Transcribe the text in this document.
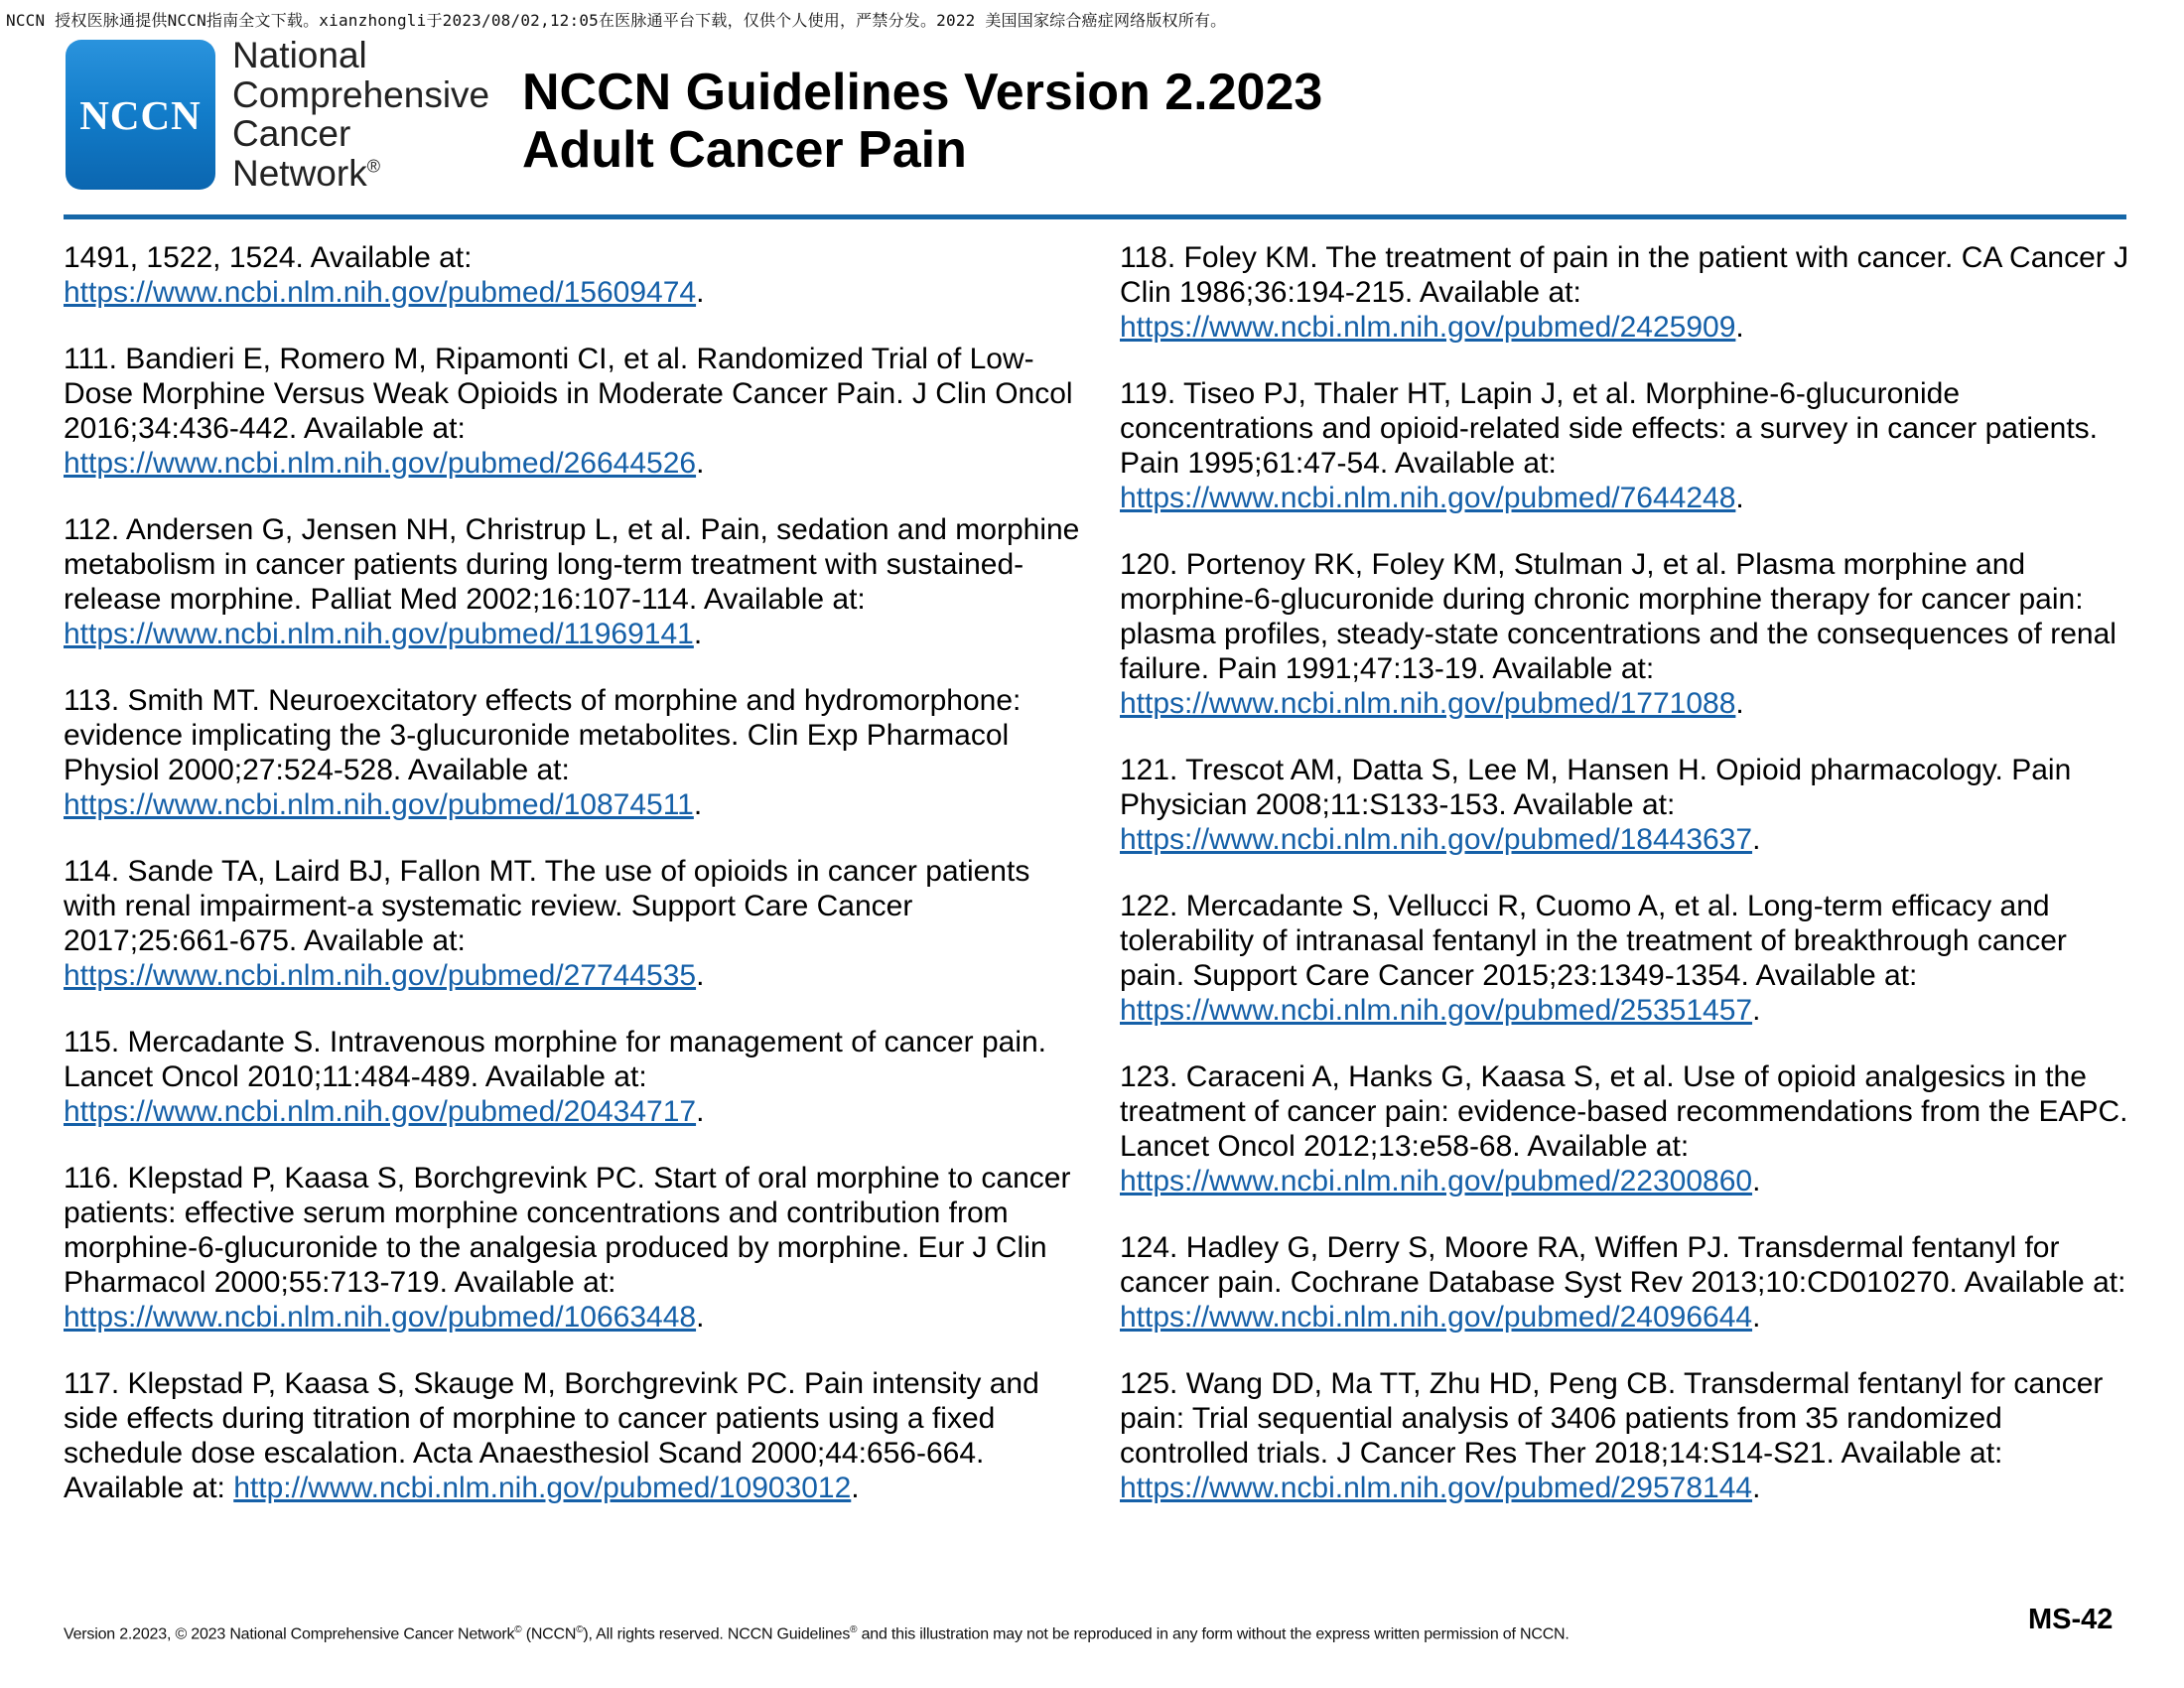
NCCN 授权医脉通提供NCCN指南全文下载。xianzhongli于2023/08/02,12:05在医脉通平台下载，仅供个人使用，严禁分发。2022 美国国家综合癌症网络版权所有。
NCCN
National
Comprehensive
Cancer
Network®
NCCN Guidelines Version 2.2023
Adult Cancer Pain
1491, 1522, 1524. Available at: https://www.ncbi.nlm.nih.gov/pubmed/15609474.
111. Bandieri E, Romero M, Ripamonti CI, et al. Randomized Trial of Low-Dose Morphine Versus Weak Opioids in Moderate Cancer Pain. J Clin Oncol 2016;34:436-442. Available at: https://www.ncbi.nlm.nih.gov/pubmed/26644526.
112. Andersen G, Jensen NH, Christrup L, et al. Pain, sedation and morphine metabolism in cancer patients during long-term treatment with sustained-release morphine. Palliat Med 2002;16:107-114. Available at: https://www.ncbi.nlm.nih.gov/pubmed/11969141.
113. Smith MT. Neuroexcitatory effects of morphine and hydromorphone: evidence implicating the 3-glucuronide metabolites. Clin Exp Pharmacol Physiol 2000;27:524-528. Available at: https://www.ncbi.nlm.nih.gov/pubmed/10874511.
114. Sande TA, Laird BJ, Fallon MT. The use of opioids in cancer patients with renal impairment-a systematic review. Support Care Cancer 2017;25:661-675. Available at: https://www.ncbi.nlm.nih.gov/pubmed/27744535.
115. Mercadante S. Intravenous morphine for management of cancer pain. Lancet Oncol 2010;11:484-489. Available at: https://www.ncbi.nlm.nih.gov/pubmed/20434717.
116. Klepstad P, Kaasa S, Borchgrevink PC. Start of oral morphine to cancer patients: effective serum morphine concentrations and contribution from morphine-6-glucuronide to the analgesia produced by morphine. Eur J Clin Pharmacol 2000;55:713-719. Available at: https://www.ncbi.nlm.nih.gov/pubmed/10663448.
117. Klepstad P, Kaasa S, Skauge M, Borchgrevink PC. Pain intensity and side effects during titration of morphine to cancer patients using a fixed schedule dose escalation. Acta Anaesthesiol Scand 2000;44:656-664. Available at: http://www.ncbi.nlm.nih.gov/pubmed/10903012.
118. Foley KM. The treatment of pain in the patient with cancer. CA Cancer J Clin 1986;36:194-215. Available at: https://www.ncbi.nlm.nih.gov/pubmed/2425909.
119. Tiseo PJ, Thaler HT, Lapin J, et al. Morphine-6-glucuronide concentrations and opioid-related side effects: a survey in cancer patients. Pain 1995;61:47-54. Available at: https://www.ncbi.nlm.nih.gov/pubmed/7644248.
120. Portenoy RK, Foley KM, Stulman J, et al. Plasma morphine and morphine-6-glucuronide during chronic morphine therapy for cancer pain: plasma profiles, steady-state concentrations and the consequences of renal failure. Pain 1991;47:13-19. Available at: https://www.ncbi.nlm.nih.gov/pubmed/1771088.
121. Trescot AM, Datta S, Lee M, Hansen H. Opioid pharmacology. Pain Physician 2008;11:S133-153. Available at: https://www.ncbi.nlm.nih.gov/pubmed/18443637.
122. Mercadante S, Vellucci R, Cuomo A, et al. Long-term efficacy and tolerability of intranasal fentanyl in the treatment of breakthrough cancer pain. Support Care Cancer 2015;23:1349-1354. Available at: https://www.ncbi.nlm.nih.gov/pubmed/25351457.
123. Caraceni A, Hanks G, Kaasa S, et al. Use of opioid analgesics in the treatment of cancer pain: evidence-based recommendations from the EAPC. Lancet Oncol 2012;13:e58-68. Available at: https://www.ncbi.nlm.nih.gov/pubmed/22300860.
124. Hadley G, Derry S, Moore RA, Wiffen PJ. Transdermal fentanyl for cancer pain. Cochrane Database Syst Rev 2013;10:CD010270. Available at: https://www.ncbi.nlm.nih.gov/pubmed/24096644.
125. Wang DD, Ma TT, Zhu HD, Peng CB. Transdermal fentanyl for cancer pain: Trial sequential analysis of 3406 patients from 35 randomized controlled trials. J Cancer Res Ther 2018;14:S14-S21. Available at: https://www.ncbi.nlm.nih.gov/pubmed/29578144.
Version 2.2023, © 2023 National Comprehensive Cancer Network© (NCCN©), All rights reserved. NCCN Guidelines® and this illustration may not be reproduced in any form without the express written permission of NCCN.	MS-42
